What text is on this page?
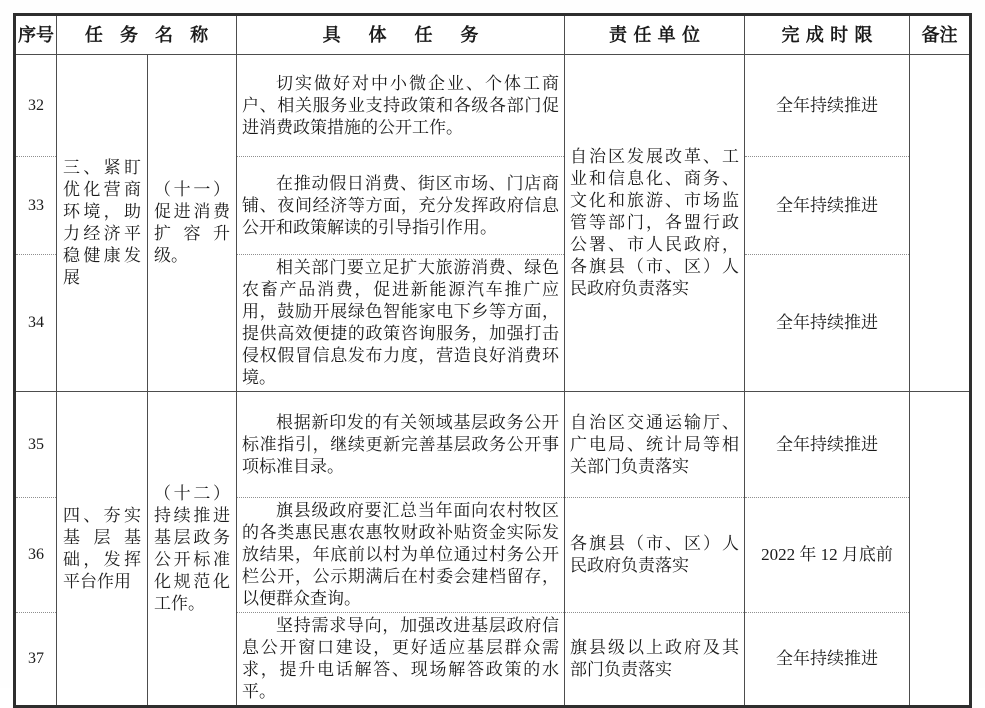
序号	任务名称		具体任务	责任单位	完成时限	备注
32	三、紧盯优化营商环境，助力经济平稳健康发展	（十一）促进消费扩容升级。	切实做好对中小微企业、个体工商户、相关服务业支持政策和各级各部门促进消费政策措施的公开工作。	自治区发展改革、工业和信息化、商务、文化和旅游、市场监管等部门，各盟行政公署、市人民政府，各旗县（市、区）人民政府负责落实	全年持续推进	
33			在推动假日消费、街区市场、门店商铺、夜间经济等方面，充分发挥政府信息公开和政策解读的引导指引作用。		全年持续推进	
34			相关部门要立足扩大旅游消费、绿色农畜产品消费，促进新能源汽车推广应用，鼓励开展绿色智能家电下乡等方面，提供高效便捷的政策咨询服务，加强打击侵权假冒信息发布力度，营造良好消费环境。		全年持续推进	
35	四、夯实基层基础，发挥平台作用	（十二）持续推进基层政务公开标准化规范化工作。	根据新印发的有关领域基层政务公开标准指引，继续更新完善基层政务公开事项标准目录。	自治区交通运输厅、广电局、统计局等相关部门负责落实	全年持续推进	
36			旗县级政府要汇总当年面向农村牧区的各类惠民惠农惠牧财政补贴资金实际发放结果，年底前以村为单位通过村务公开栏公开，公示期满后在村委会建档留存，以便群众查询。	各旗县（市、区）人民政府负责落实	2022 年 12 月底前	
37			坚持需求导向，加强改进基层政府信息公开窗口建设，更好适应基层群众需求，提升电话解答、现场解答政策的水平。	旗县级以上政府及其部门负责落实	全年持续推进	
